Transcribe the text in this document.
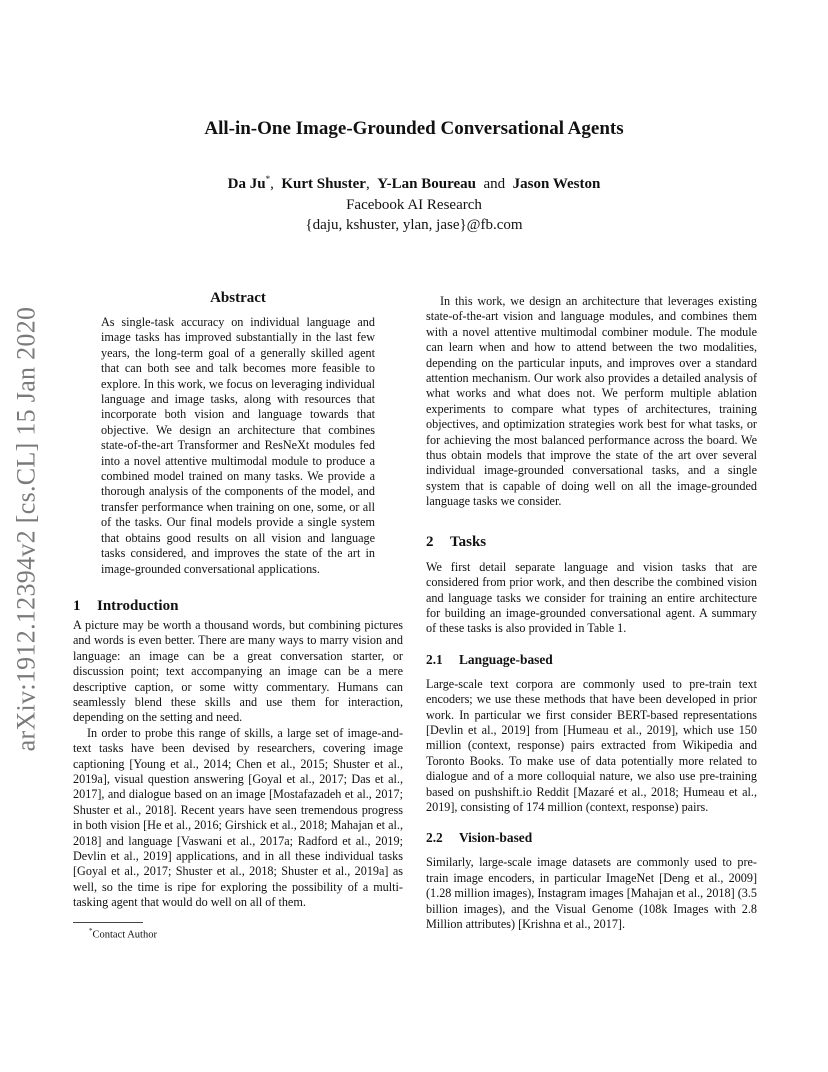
arXiv:1912.12394v2 [cs.CL] 15 Jan 2020
All-in-One Image-Grounded Conversational Agents
Da Ju*,  Kurt Shuster,  Y-Lan Boureau and Jason Weston
Facebook AI Research
{daju, kshuster, ylan, jase}@fb.com
Abstract

As single-task accuracy on individual language and image tasks has improved substantially in the last few years, the long-term goal of a generally skilled agent that can both see and talk becomes more feasible to explore. In this work, we focus on leveraging individual language and image tasks, along with resources that incorporate both vision and language towards that objective. We design an architecture that combines state-of-the-art Transformer and ResNeXt modules fed into a novel attentive multimodal module to produce a combined model trained on many tasks. We provide a thorough analysis of the components of the model, and transfer performance when training on one, some, or all of the tasks. Our final models provide a single system that obtains good results on all vision and language tasks considered, and improves the state of the art in image-grounded conversational applications.

1	Introduction

A picture may be worth a thousand words, but combining pictures and words is even better. There are many ways to marry vision and language: an image can be a great conversation starter, or discussion point; text accompanying an image can be a mere descriptive caption, or some witty commentary. Humans can seamlessly blend these skills and use them for interaction, depending on the setting and need.

In order to probe this range of skills, a large set of image-and-text tasks have been devised by researchers, covering image captioning [Young et al., 2014; Chen et al., 2015; Shuster et al., 2019a], visual question answering [Goyal et al., 2017; Das et al., 2017], and dialogue based on an image [Mostafazadeh et al., 2017; Shuster et al., 2018]. Recent years have seen tremendous progress in both vision [He et al., 2016; Girshick et al., 2018; Mahajan et al., 2018] and language [Vaswani et al., 2017a; Radford et al., 2019; Devlin et al., 2019] applications, and in all these individual tasks [Goyal et al., 2017; Shuster et al., 2018; Shuster et al., 2019a] as well, so the time is ripe for exploring the possibility of a multi-tasking agent that would do well on all of them.

*Contact Author

In this work, we design an architecture that leverages existing state-of-the-art vision and language modules, and combines them with a novel attentive multimodal combiner module. The module can learn when and how to attend between the two modalities, depending on the particular inputs, and improves over a standard attention mechanism. Our work also provides a detailed analysis of what works and what does not. We perform multiple ablation experiments to compare what types of architectures, training objectives, and optimization strategies work best for what tasks, or for achieving the most balanced performance across the board. We thus obtain models that improve the state of the art over several individual image-grounded conversational tasks, and a single system that is capable of doing well on all the image-grounded language tasks we consider.

2	Tasks

We first detail separate language and vision tasks that are considered from prior work, and then describe the combined vision and language tasks we consider for training an entire architecture for building an image-grounded conversational agent. A summary of these tasks is also provided in Table 1.

2.1	Language-based

Large-scale text corpora are commonly used to pre-train text encoders; we use these methods that have been developed in prior work. In particular we first consider BERT-based representations [Devlin et al., 2019] from [Humeau et al., 2019], which use 150 million (context, response) pairs extracted from Wikipedia and Toronto Books. To make use of data potentially more related to dialogue and of a more colloquial nature, we also use pre-training based on pushshift.io Reddit [Mazaré et al., 2018; Humeau et al., 2019], consisting of 174 million (context, response) pairs.

2.2	Vision-based

Similarly, large-scale image datasets are commonly used to pre-train image encoders, in particular ImageNet [Deng et al., 2009] (1.28 million images), Instagram images [Mahajan et al., 2018] (3.5 billion images), and the Visual Genome (108k Images with 2.8 Million attributes) [Krishna et al., 2017].
